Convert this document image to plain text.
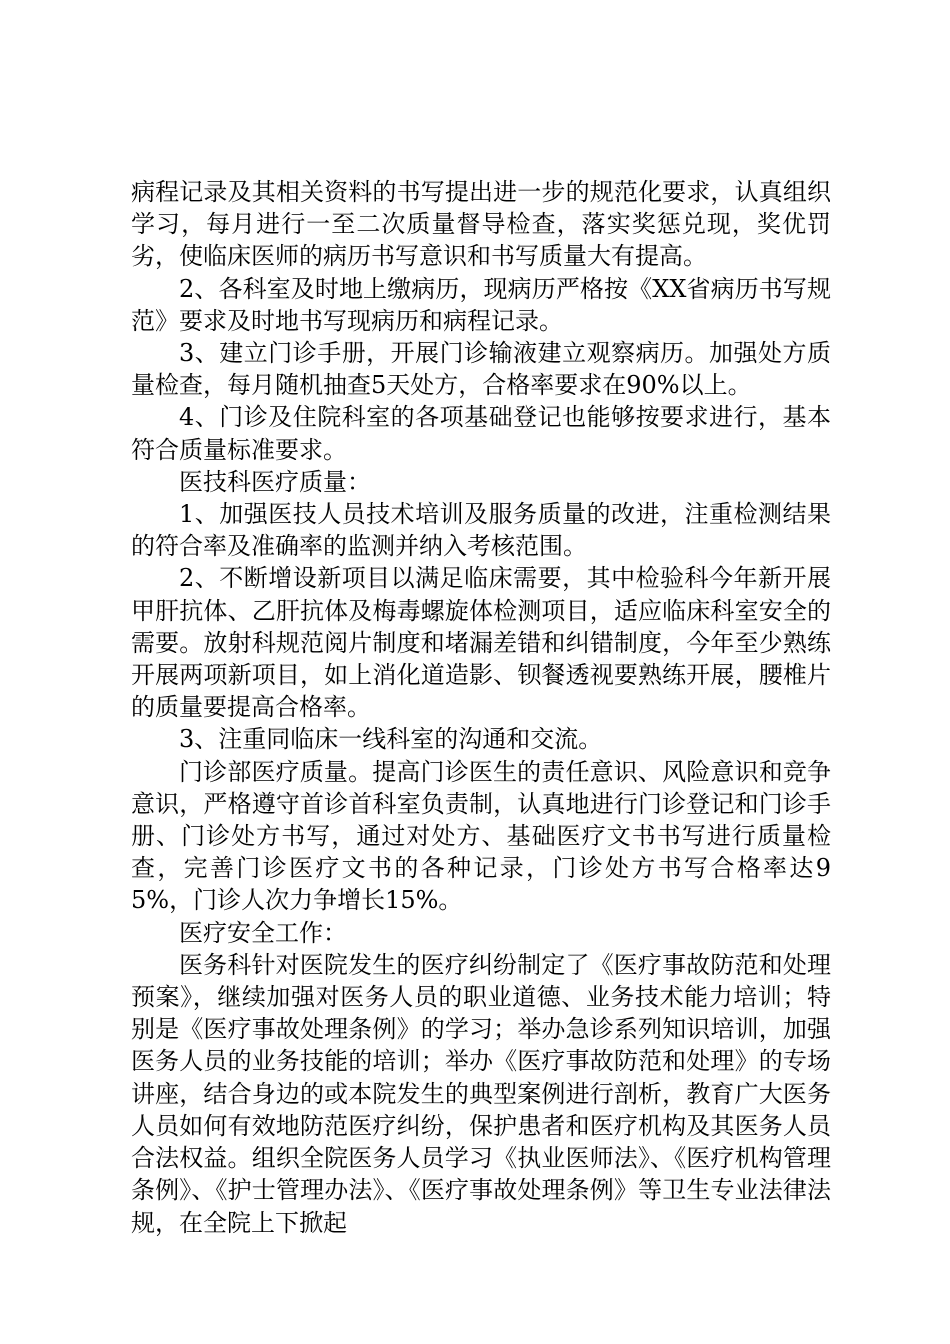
病程记录及其相关资料的书写提出进一步的规范化要求，认真组织学习，每月进行一至二次质量督导检查，落实奖惩兑现，奖优罚劣，使临床医师的病历书写意识和书写质量大有提高。

2、各科室及时地上缴病历，现病历严格按《XX省病历书写规范》要求及时地书写现病历和病程记录。

3、建立门诊手册，开展门诊输液建立观察病历。加强处方质量检查，每月随机抽查5天处方，合格率要求在90%以上。

4、门诊及住院科室的各项基础登记也能够按要求进行，基本符合质量标准要求。

医技科医疗质量：

1、加强医技人员技术培训及服务质量的改进，注重检测结果的符合率及准确率的监测并纳入考核范围。

2、不断增设新项目以满足临床需要，其中检验科今年新开展甲肝抗体、乙肝抗体及梅毒螺旋体检测项目，适应临床科室安全的需要。放射科规范阅片制度和堵漏差错和纠错制度，今年至少熟练开展两项新项目，如上消化道造影、钡餐透视要熟练开展，腰椎片的质量要提高合格率。

3、注重同临床一线科室的沟通和交流。

门诊部医疗质量。提高门诊医生的责任意识、风险意识和竞争意识，严格遵守首诊首科室负责制，认真地进行门诊登记和门诊手册、门诊处方书写，通过对处方、基础医疗文书书写进行质量检查，完善门诊医疗文书的各种记录，门诊处方书写合格率达95%，门诊人次力争增长15%。

医疗安全工作：

医务科针对医院发生的医疗纠纷制定了《医疗事故防范和处理预案》，继续加强对医务人员的职业道德、业务技术能力培训；特别是《医疗事故处理条例》的学习；举办急诊系列知识培训，加强医务人员的业务技能的培训；举办《医疗事故防范和处理》的专场讲座，结合身边的或本院发生的典型案例进行剖析，教育广大医务人员如何有效地防范医疗纠纷，保护患者和医疗机构及其医务人员合法权益。组织全院医务人员学习《执业医师法》、《医疗机构管理条例》、《护士管理办法》、《医疗事故处理条例》等卫生专业法律法规，在全院上下掀起
